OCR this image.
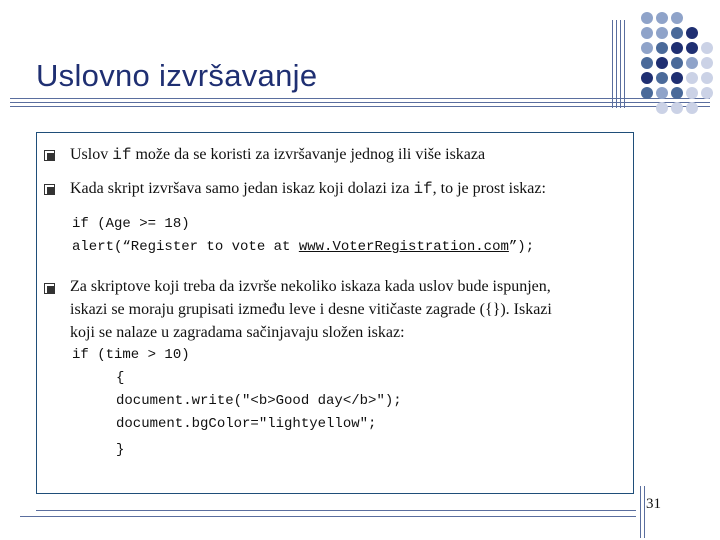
Uslovno izvršavanje
Uslov if može da se koristi za izvršavanje jednog ili više iskaza
Kada skript izvršava samo jedan iskaz koji dolazi iza if, to je prost iskaz:
if (Age >= 18)
alert(“Register to vote at www.VoterRegistration.com”);
Za skriptove koji treba da izvrše nekoliko iskaza kada uslov bude ispunjen,
iskazi se moraju grupisati između leve i desne vitičaste zagrade ({}). Iskazi
koji se nalaze u zagradama sačinjavaju složen iskaz:
if (time > 10)
{
document.write("<b>Good day</b>");
document.bgColor="lightyellow";
}
31
